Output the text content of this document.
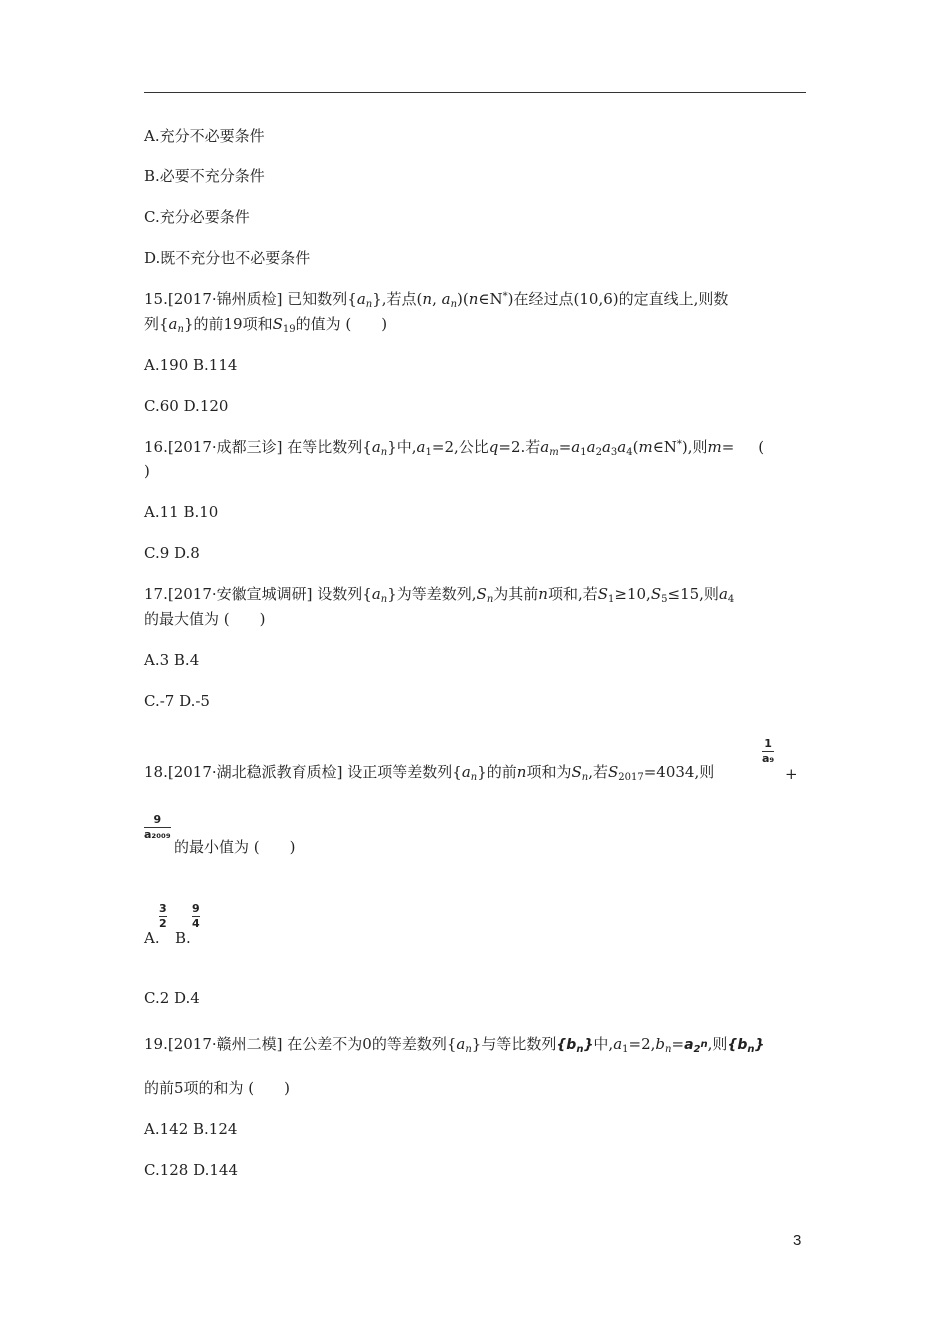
A.充分不必要条件
B.必要不充分条件
C.充分必要条件
D.既不充分也不必要条件
15.[2017·锦州质检] 已知数列$\{a_n\}$,若点(n, $a_n)(n\in N^*)$在经过点(10,6)的定直线上,则数
列$\{a_n\}$的前19项和$S_{19}$的值为 (　　)
A.190 B.114
C.60 D.120
16.[2017·成都三诊] 在等比数列$\{a_n\}$中$,a_1=2$,公比q=2.若$a_m=a_1a_2a_3a_4(m\in N^*)$,则m=     (
)
A.11 B.10
C.9 D.8
17.[2017·安徽宣城调研] 设数列$\{a_n\}$为等差数列$,S_n$为其前n项和,若$S_1\ge 10,S_5\le 15$,则$a_4$
的最大值为 (　　)
A.3 B.4
C.-7 D.-5
18.[2017·湖北稳派教育质检] 设正项等差数列$\{a_n\}$的前n项和为$S_n$,若$S_{2017}=4034$,则
1
a₉
+
9
a₂₀₀₉
的最小值为 (　　)
A.
3
2
B.
9
4
C.2 D.4
19.[2017·赣州二模] 在公差不为0的等差数列$\{a_n\}$与等比数列$\{b_n\}$中$,a_1=2,b_n=a_{2^n}$,则$\{b_n\}$
的前5项的和为 (　　)
A.142 B.124
C.128 D.144
3
